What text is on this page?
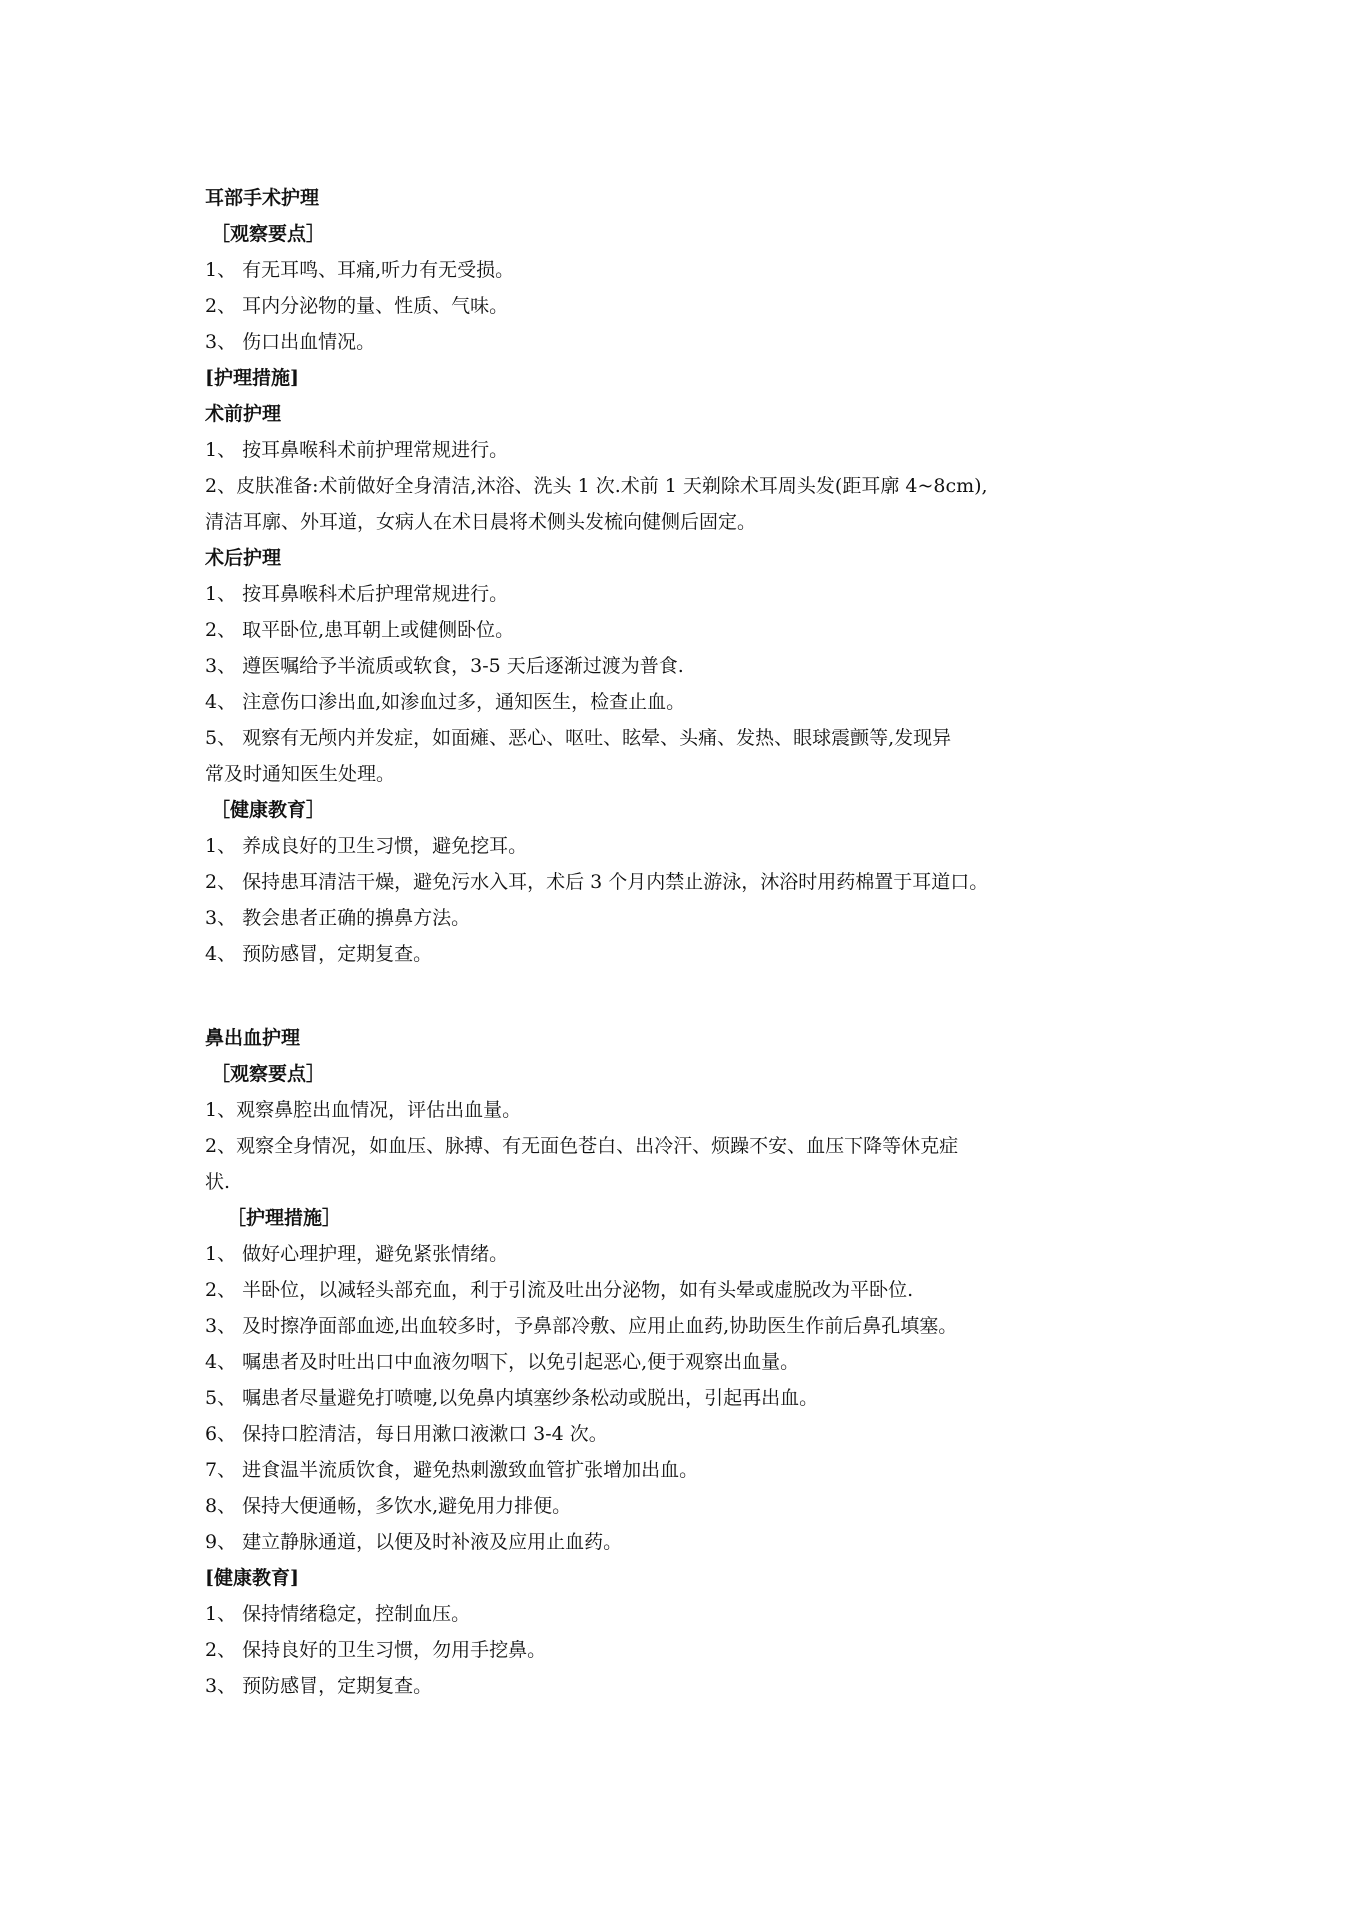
耳部手术护理
［观察要点］
1、 有无耳鸣、耳痛,听力有无受损。
2、 耳内分泌物的量、性质、气味。
3、 伤口出血情况。
[护理措施]
术前护理
1、 按耳鼻喉科术前护理常规进行。
2、皮肤准备:术前做好全身清洁,沐浴、洗头 1 次.术前 1 天剃除术耳周头发(距耳廓 4~8cm),
清洁耳廓、外耳道，女病人在术日晨将术侧头发梳向健侧后固定。
术后护理
1、 按耳鼻喉科术后护理常规进行。
2、 取平卧位,患耳朝上或健侧卧位。
3、 遵医嘱给予半流质或软食，3-5 天后逐渐过渡为普食.
4、 注意伤口渗出血,如渗血过多，通知医生，检查止血。
5、 观察有无颅内并发症，如面瘫、恶心、呕吐、眩晕、头痛、发热、眼球震颤等,发现异
常及时通知医生处理。
［健康教育］
1、 养成良好的卫生习惯，避免挖耳。
2、 保持患耳清洁干燥，避免污水入耳，术后 3 个月内禁止游泳，沐浴时用药棉置于耳道口。
3、 教会患者正确的擤鼻方法。
4、 预防感冒，定期复查。
鼻出血护理
［观察要点］
1、观察鼻腔出血情况，评估出血量。
2、观察全身情况，如血压、脉搏、有无面色苍白、出冷汗、烦躁不安、血压下降等休克症
状.
［护理措施］
1、 做好心理护理，避免紧张情绪。
2、 半卧位，以减轻头部充血，利于引流及吐出分泌物，如有头晕或虚脱改为平卧位.
3、 及时擦净面部血迹,出血较多时，予鼻部冷敷、应用止血药,协助医生作前后鼻孔填塞。
4、 嘱患者及时吐出口中血液勿咽下，以免引起恶心,便于观察出血量。
5、 嘱患者尽量避免打喷嚏,以免鼻内填塞纱条松动或脱出，引起再出血。
6、 保持口腔清洁，每日用漱口液漱口 3-4 次。
7、 进食温半流质饮食，避免热刺激致血管扩张增加出血。
8、 保持大便通畅，多饮水,避免用力排便。
9、 建立静脉通道，以便及时补液及应用止血药。
[健康教育]
1、 保持情绪稳定，控制血压。
2、 保持良好的卫生习惯，勿用手挖鼻。
3、 预防感冒，定期复查。
